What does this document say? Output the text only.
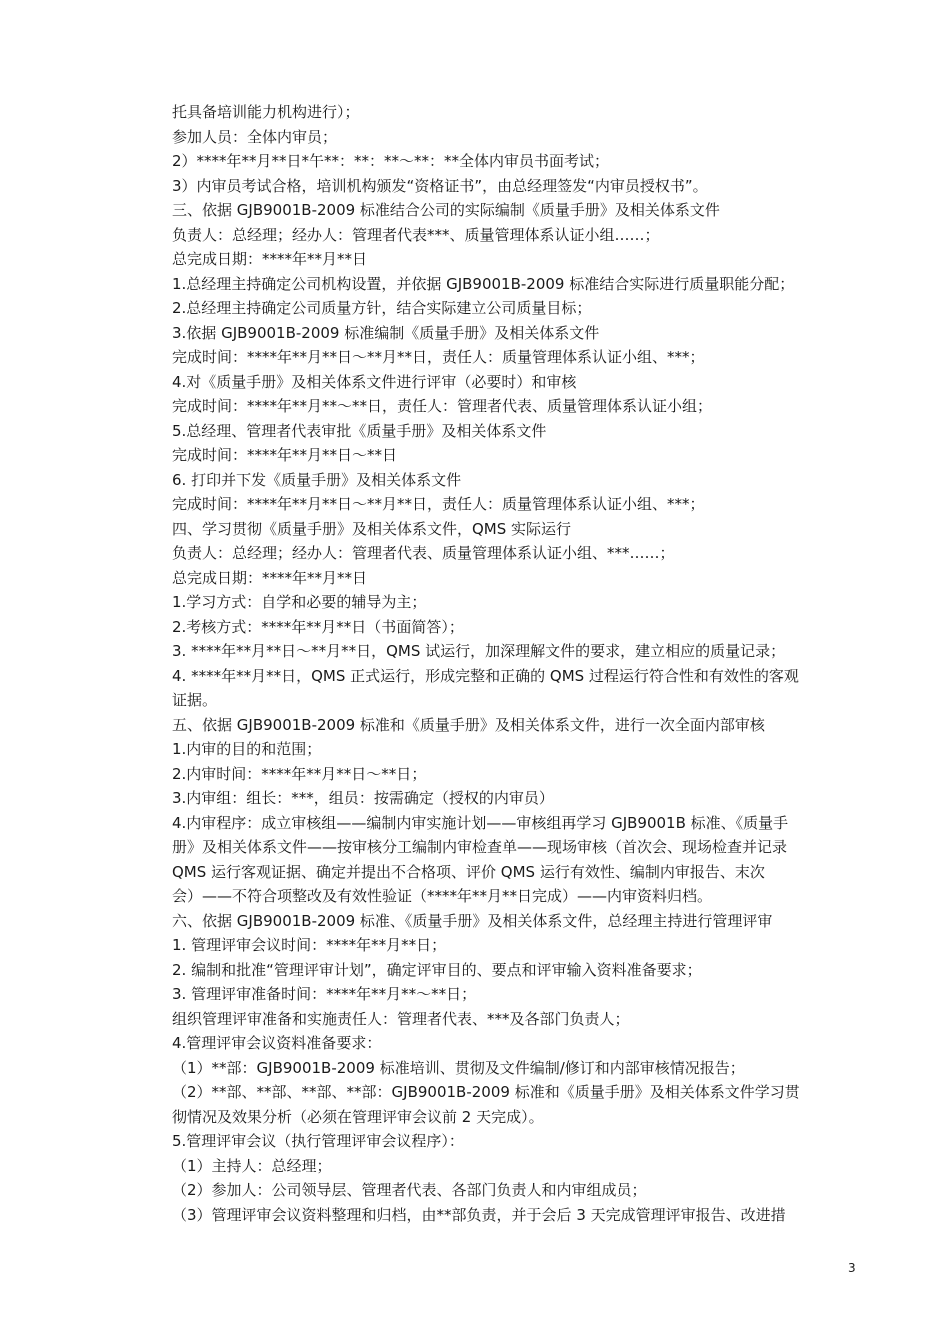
托具备培训能力机构进行）；
参加人员：全体内审员；
2）****年**月**日*午**：**：**～**：**全体内审员书面考试；
3）内审员考试合格，培训机构颁发“资格证书”，由总经理签发“内审员授权书”。
三、依据 GJB9001B-2009 标准结合公司的实际编制《质量手册》及相关体系文件
负责人：总经理；经办人：管理者代表***、质量管理体系认证小组……；
总完成日期：****年**月**日
1.总经理主持确定公司机构设置，并依据 GJB9001B-2009 标准结合实际进行质量职能分配；
2.总经理主持确定公司质量方针，结合实际建立公司质量目标；
3.依据 GJB9001B-2009 标准编制《质量手册》及相关体系文件
完成时间：****年**月**日～**月**日，责任人：质量管理体系认证小组、***；
4.对《质量手册》及相关体系文件进行评审（必要时）和审核
完成时间：****年**月**～**日，责任人：管理者代表、质量管理体系认证小组；
5.总经理、管理者代表审批《质量手册》及相关体系文件
完成时间：****年**月**日～**日
6. 打印并下发《质量手册》及相关体系文件
完成时间：****年**月**日～**月**日，责任人：质量管理体系认证小组、***；
四、学习贯彻《质量手册》及相关体系文件，QMS 实际运行
负责人：总经理；经办人：管理者代表、质量管理体系认证小组、***……；
总完成日期：****年**月**日
1.学习方式：自学和必要的辅导为主；
2.考核方式：****年**月**日（书面简答）；
3. ****年**月**日～**月**日，QMS 试运行，加深理解文件的要求，建立相应的质量记录；
4. ****年**月**日，QMS 正式运行，形成完整和正确的 QMS 过程运行符合性和有效性的客观
证据。
五、依据 GJB9001B-2009 标准和《质量手册》及相关体系文件，进行一次全面内部审核
1.内审的目的和范围；
2.内审时间：****年**月**日～**日；
3.内审组：组长：***，组员：按需确定（授权的内审员）
4.内审程序：成立审核组——编制内审实施计划——审核组再学习 GJB9001B 标准、《质量手
册》及相关体系文件——按审核分工编制内审检查单——现场审核（首次会、现场检查并记录
QMS 运行客观证据、确定并提出不合格项、评价 QMS 运行有效性、编制内审报告、末次
会）——不符合项整改及有效性验证（****年**月**日完成）——内审资料归档。
六、依据 GJB9001B-2009 标准、《质量手册》及相关体系文件，总经理主持进行管理评审
1. 管理评审会议时间：****年**月**日；
2. 编制和批准“管理评审计划”，确定评审目的、要点和评审输入资料准备要求；
3. 管理评审准备时间：****年**月**～**日；
组织管理评审准备和实施责任人：管理者代表、***及各部门负责人；
4.管理评审会议资料准备要求：
（1）**部：GJB9001B-2009 标准培训、贯彻及文件编制/修订和内部审核情况报告；
（2）**部、**部、**部、**部：GJB9001B-2009 标准和《质量手册》及相关体系文件学习贯
彻情况及效果分析（必须在管理评审会议前 2 天完成）。
5.管理评审会议（执行管理评审会议程序）：
（1）主持人：总经理；
（2）参加人：公司领导层、管理者代表、各部门负责人和内审组成员；
（3）管理评审会议资料整理和归档，由**部负责，并于会后 3 天完成管理评审报告、改进措
3
